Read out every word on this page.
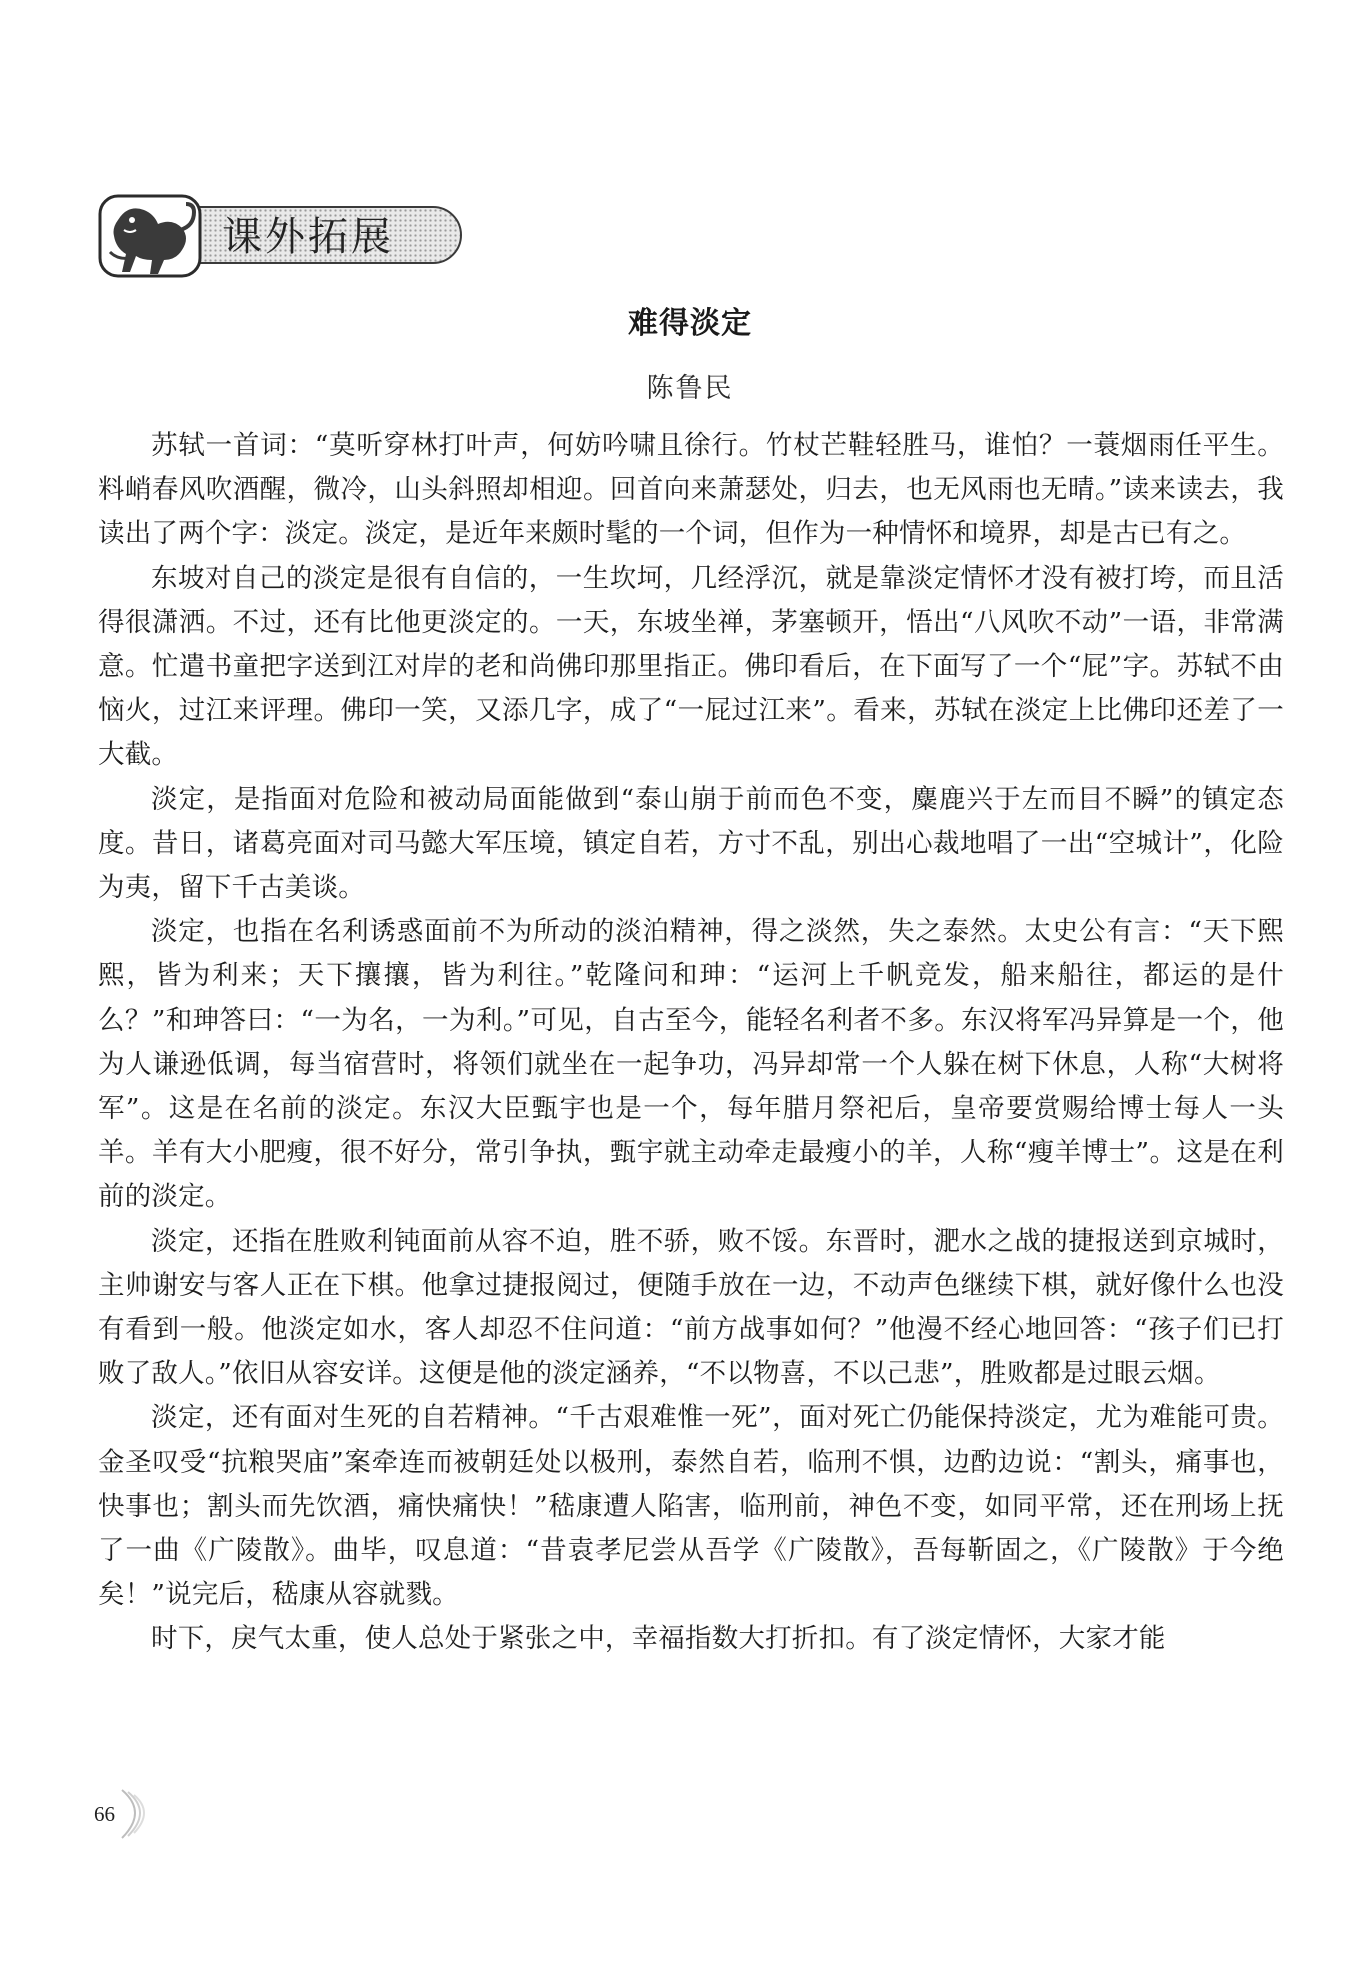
课外拓展
难得淡定
陈鲁民

苏轼一首词：“莫听穿林打叶声，何妨吟啸且徐行。竹杖芒鞋轻胜马，谁怕？一蓑烟雨任平生。料峭春风吹酒醒，微冷，山头斜照却相迎。回首向来萧瑟处，归去，也无风雨也无晴。”读来读去，我读出了两个字：淡定。淡定，是近年来颇时髦的一个词，但作为一种情怀和境界，却是古已有之。

东坡对自己的淡定是很有自信的，一生坎坷，几经浮沉，就是靠淡定情怀才没有被打垮，而且活得很潇洒。不过，还有比他更淡定的。一天，东坡坐禅，茅塞顿开，悟出“八风吹不动”一语，非常满意。忙遣书童把字送到江对岸的老和尚佛印那里指正。佛印看后，在下面写了一个“屁”字。苏轼不由恼火，过江来评理。佛印一笑，又添几字，成了“一屁过江来”。看来，苏轼在淡定上比佛印还差了一大截。

淡定，是指面对危险和被动局面能做到“泰山崩于前而色不变，麋鹿兴于左而目不瞬”的镇定态度。昔日，诸葛亮面对司马懿大军压境，镇定自若，方寸不乱，别出心裁地唱了一出“空城计”，化险为夷，留下千古美谈。

淡定，也指在名利诱惑面前不为所动的淡泊精神，得之淡然，失之泰然。太史公有言：“天下熙熙，皆为利来；天下攘攘，皆为利往。”乾隆问和珅：“运河上千帆竞发，船来船往，都运的是什么？”和珅答曰：“一为名，一为利。”可见，自古至今，能轻名利者不多。东汉将军冯异算是一个，他为人谦逊低调，每当宿营时，将领们就坐在一起争功，冯异却常一个人躲在树下休息，人称“大树将军”。这是在名前的淡定。东汉大臣甄宇也是一个，每年腊月祭祀后，皇帝要赏赐给博士每人一头羊。羊有大小肥瘦，很不好分，常引争执，甄宇就主动牵走最瘦小的羊，人称“瘦羊博士”。这是在利前的淡定。

淡定，还指在胜败利钝面前从容不迫，胜不骄，败不馁。东晋时，淝水之战的捷报送到京城时，主帅谢安与客人正在下棋。他拿过捷报阅过，便随手放在一边，不动声色继续下棋，就好像什么也没有看到一般。他淡定如水，客人却忍不住问道：“前方战事如何？”他漫不经心地回答：“孩子们已打败了敌人。”依旧从容安详。这便是他的淡定涵养，“不以物喜，不以己悲”，胜败都是过眼云烟。

淡定，还有面对生死的自若精神。“千古艰难惟一死”，面对死亡仍能保持淡定，尤为难能可贵。金圣叹受“抗粮哭庙”案牵连而被朝廷处以极刑，泰然自若，临刑不惧，边酌边说：“割头，痛事也，快事也；割头而先饮酒，痛快痛快！”嵇康遭人陷害，临刑前，神色不变，如同平常，还在刑场上抚了一曲《广陵散》。曲毕，叹息道：“昔袁孝尼尝从吾学《广陵散》，吾每靳固之，《广陵散》于今绝矣！”说完后，嵇康从容就戮。

时下，戾气太重，使人总处于紧张之中，幸福指数大打折扣。有了淡定情怀，大家才能

66
